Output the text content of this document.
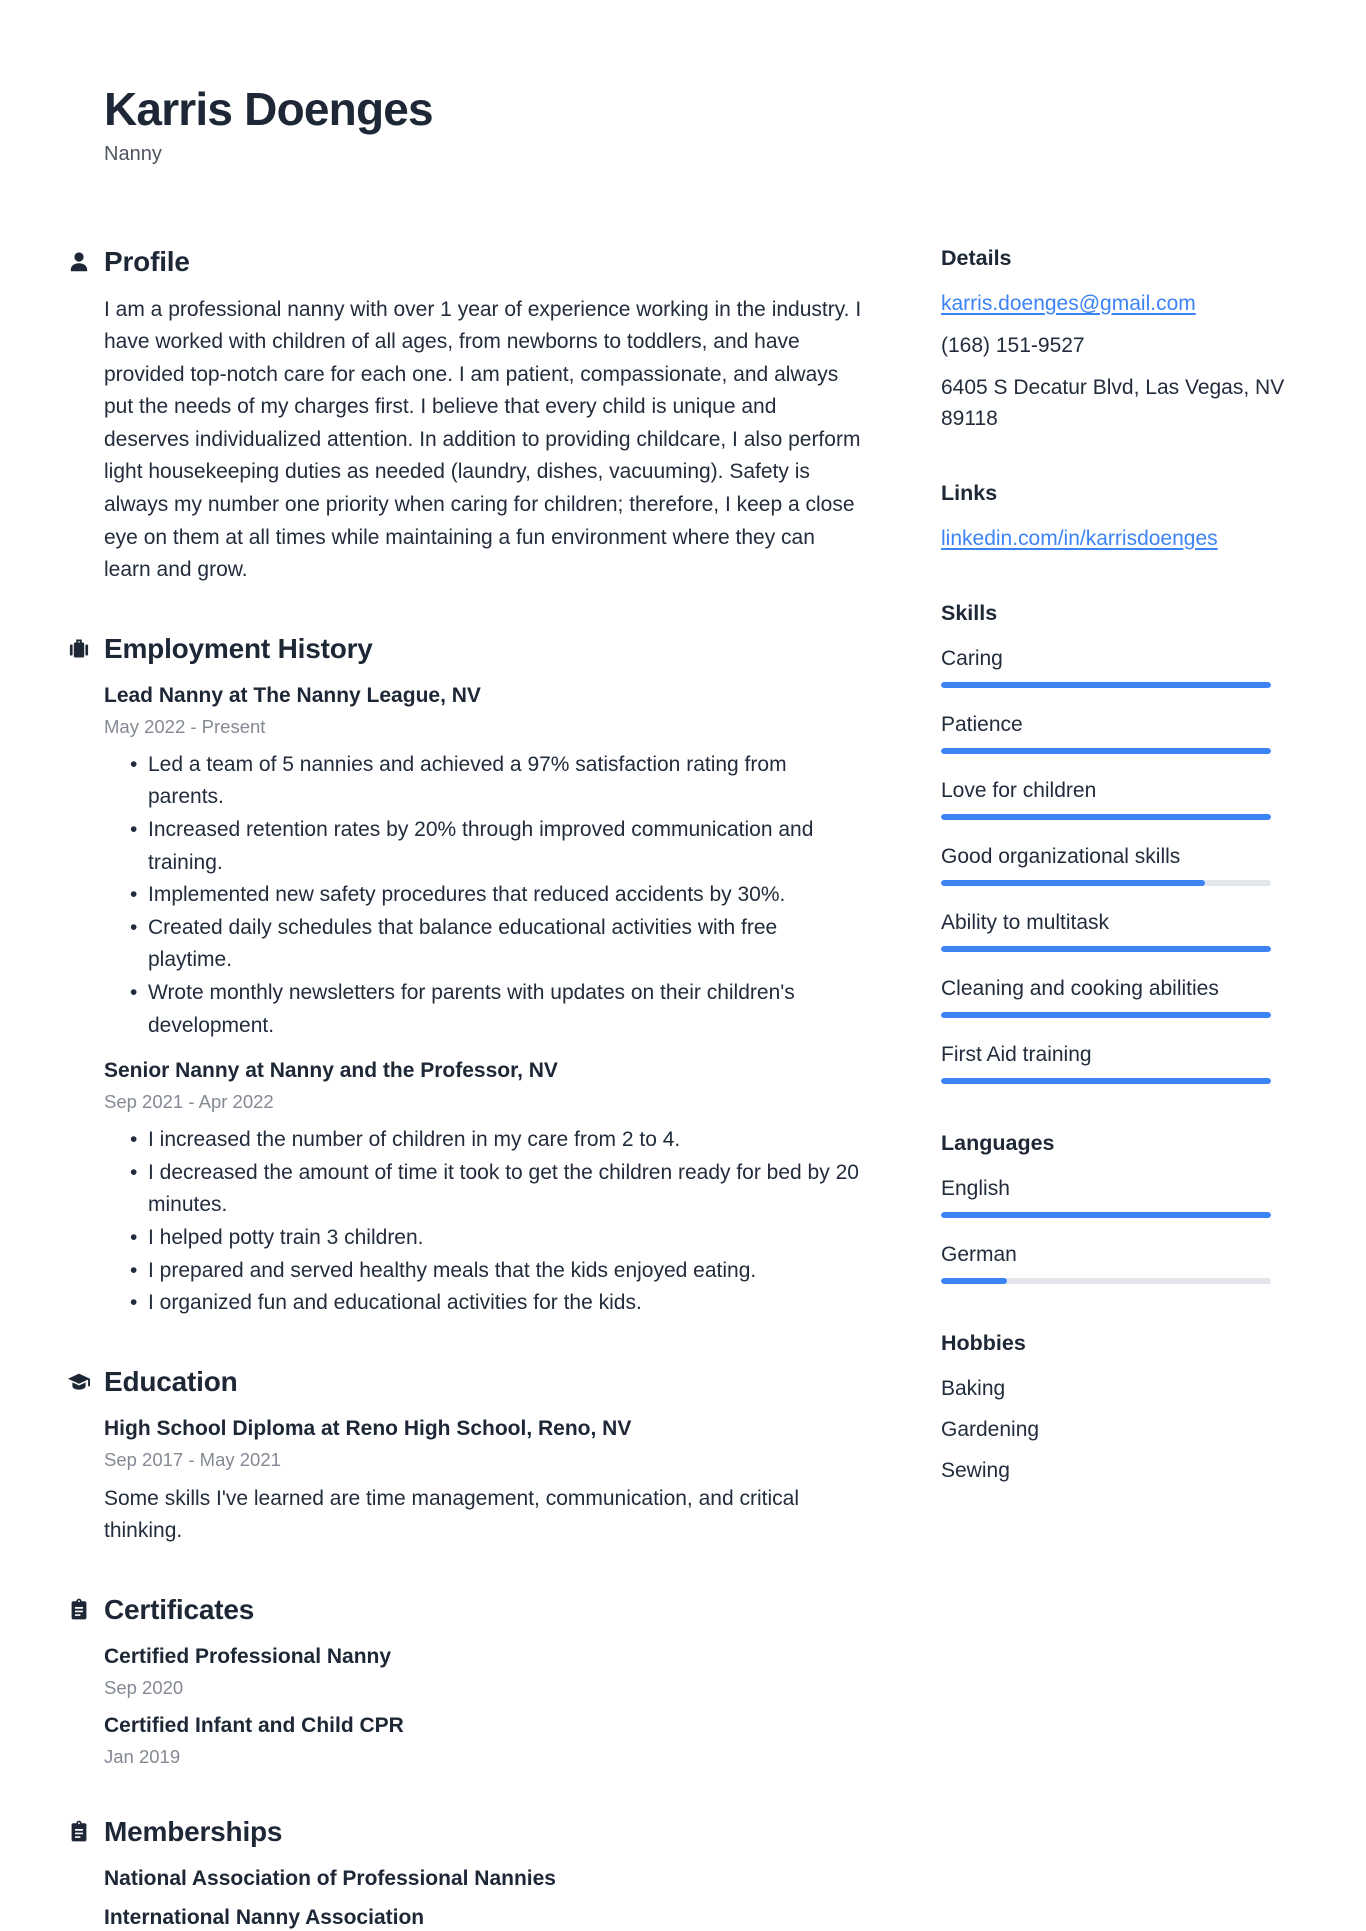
Karris Doenges
Nanny
Profile

I am a professional nanny with over 1 year of experience working in the industry. I have worked with children of all ages, from newborns to toddlers, and have provided top-notch care for each one. I am patient, compassionate, and always put the needs of my charges first. I believe that every child is unique and deserves individualized attention. In addition to providing childcare, I also perform light housekeeping duties as needed (laundry, dishes, vacuuming). Safety is always my number one priority when caring for children; therefore, I keep a close eye on them at all times while maintaining a fun environment where they can learn and grow.

Employment History
Lead Nanny at The Nanny League, NV
May 2022 - Present
• Led a team of 5 nannies and achieved a 97% satisfaction rating from parents.
• Increased retention rates by 20% through improved communication and training.
• Implemented new safety procedures that reduced accidents by 30%.
• Created daily schedules that balance educational activities with free playtime.
• Wrote monthly newsletters for parents with updates on their children's development.
Senior Nanny at Nanny and the Professor, NV
Sep 2021 - Apr 2022
• I increased the number of children in my care from 2 to 4.
• I decreased the amount of time it took to get the children ready for bed by 20 minutes.
• I helped potty train 3 children.
• I prepared and served healthy meals that the kids enjoyed eating.
• I organized fun and educational activities for the kids.
Education
High School Diploma at Reno High School, Reno, NV
Sep 2017 - May 2021
Some skills I've learned are time management, communication, and critical thinking.
Certificates
Certified Professional Nanny
Sep 2020
Certified Infant and Child CPR
Jan 2019
Memberships
National Association of Professional Nannies
International Nanny Association
Details
karris.doenges@gmail.com
(168) 151-9527
6405 S Decatur Blvd, Las Vegas, NV
89118
Links
linkedin.com/in/karrisdoenges
Skills
Caring
Patience
Love for children
Good organizational skills
Ability to multitask
Cleaning and cooking abilities
First Aid training
Languages
English
German
Hobbies
Baking
Gardening
Sewing
